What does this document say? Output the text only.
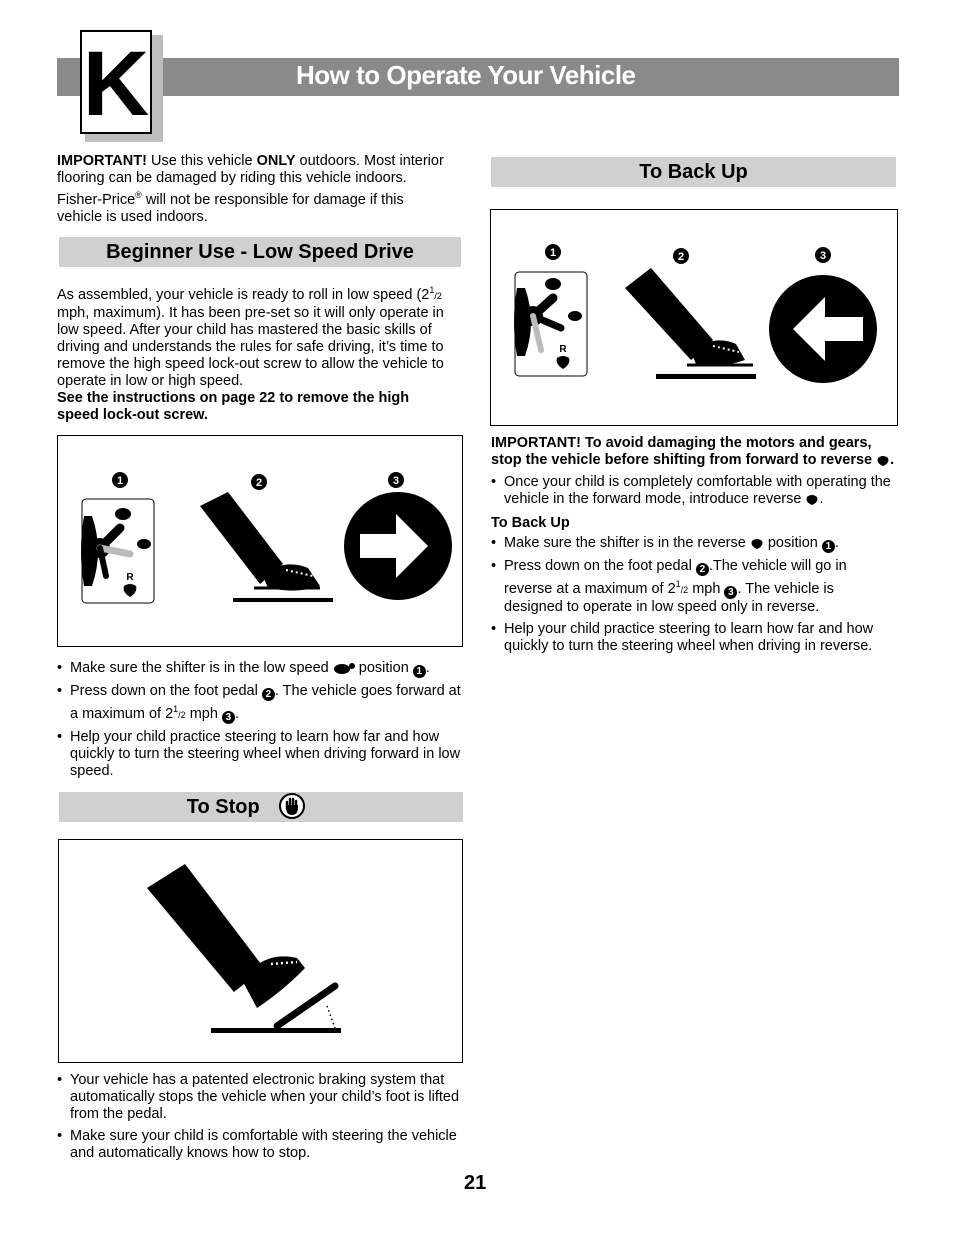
How to Operate Your Vehicle
K
IMPORTANT! Use this vehicle ONLY outdoors. Most interior flooring can be damaged by riding this vehicle indoors. Fisher-Price® will not be responsible for damage if this vehicle is used indoors.
Beginner Use - Low Speed Drive
As assembled, your vehicle is ready to roll in low speed ($2^1/2$ mph, maximum). It has been pre-set so it will only operate in low speed. After your child has mastered the basic skills of driving and understands the rules for safe driving, it’s time to remove the high speed lock-out screw to allow the vehicle to operate in low or high speed.
See the instructions on page 22 to remove the high speed lock-out screw.
1	2	3
R
• Make sure the shifter is in the low speed  position 1 .
• Press down on the foot pedal 2 . The vehicle goes forward at a maximum of $2^1/2$ mph 3 .
• Help your child practice steering to learn how far and how quickly to turn the steering wheel when driving forward in low speed.
To Stop
• Your vehicle has a patented electronic braking system that automatically stops the vehicle when your child’s foot is lifted from the pedal.
• Make sure your child is comfortable with steering the vehicle and automatically knows how to stop.
To Back Up
1	2	3
R
IMPORTANT! To avoid damaging the motors and gears, stop the vehicle before shifting from forward to reverse .
• Once your child is completely comfortable with operating the vehicle in the forward mode, introduce reverse .
To Back Up
• Make sure the shifter is in the reverse  position 1 .
• Press down on the foot pedal 2 .The vehicle will go in reverse at a maximum of $2^1/2$ mph 3 . The vehicle is designed to operate in low speed only in reverse.
• Help your child practice steering to learn how far and how quickly to turn the steering wheel when driving in reverse.
21
